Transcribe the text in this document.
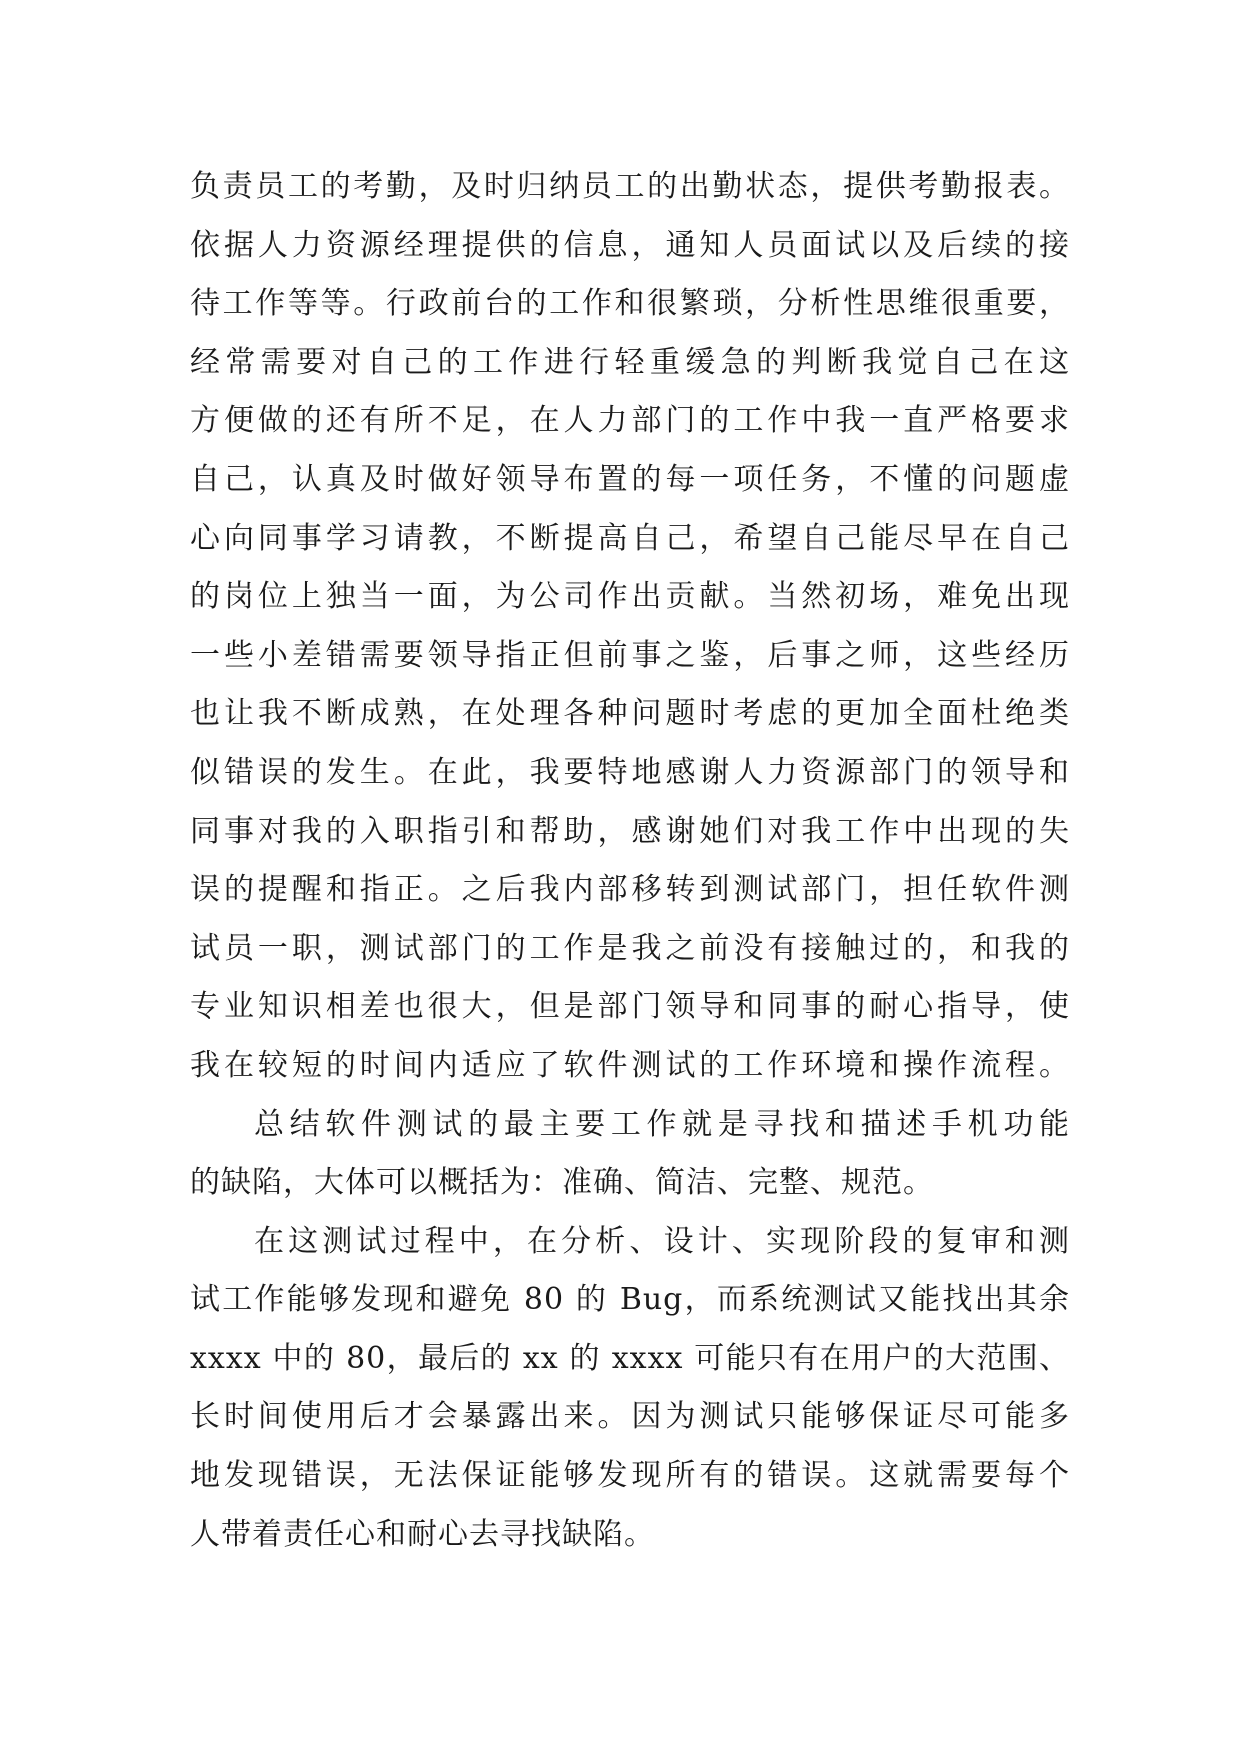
负责员工的考勤，及时归纳员工的出勤状态，提供考勤报表。
依据人力资源经理提供的信息，通知人员面试以及后续的接
待工作等等。行政前台的工作和很繁琐，分析性思维很重要，
经常需要对自己的工作进行轻重缓急的判断我觉自己在这
方便做的还有所不足，在人力部门的工作中我一直严格要求
自己，认真及时做好领导布置的每一项任务，不懂的问题虚
心向同事学习请教，不断提高自己，希望自己能尽早在自己
的岗位上独当一面，为公司作出贡献。当然初场，难免出现
一些小差错需要领导指正但前事之鉴，后事之师，这些经历
也让我不断成熟，在处理各种问题时考虑的更加全面杜绝类
似错误的发生。在此，我要特地感谢人力资源部门的领导和
同事对我的入职指引和帮助，感谢她们对我工作中出现的失
误的提醒和指正。之后我内部移转到测试部门，担任软件测
试员一职，测试部门的工作是我之前没有接触过的，和我的
专业知识相差也很大，但是部门领导和同事的耐心指导，使
我在较短的时间内适应了软件测试的工作环境和操作流程。
总结软件测试的最主要工作就是寻找和描述手机功能
的缺陷，大体可以概括为：准确、简洁、完整、规范。
在这测试过程中，在分析、设计、实现阶段的复审和测
试工作能够发现和避免 80 的 Bug，而系统测试又能找出其余
xxxx 中的 80，最后的 xx 的 xxxx 可能只有在用户的大范围、
长时间使用后才会暴露出来。因为测试只能够保证尽可能多
地发现错误，无法保证能够发现所有的错误。这就需要每个
人带着责任心和耐心去寻找缺陷。
